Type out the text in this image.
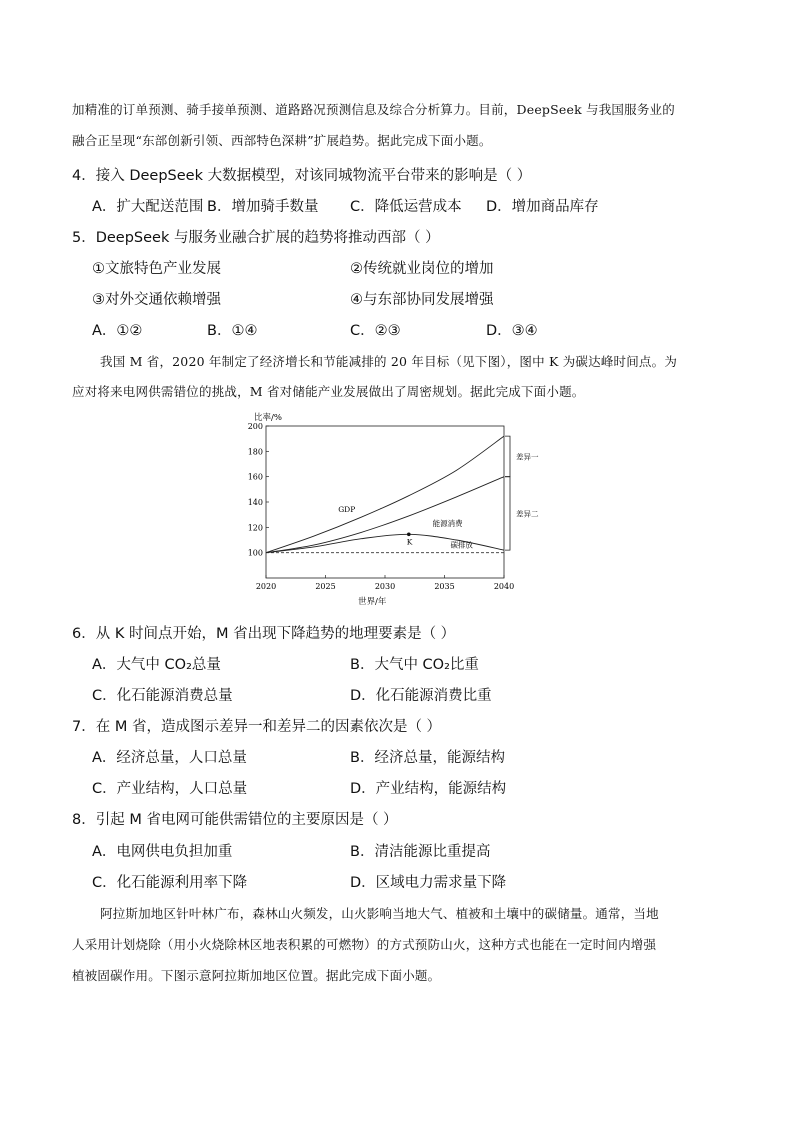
加精准的订单预测、骑手接单预测、道路路况预测信息及综合分析算力。目前，DeepSeek 与我国服务业的
融合正呈现“东部创新引领、西部特色深耕”扩展趋势。据此完成下面小题。
4．接入 DeepSeek 大数据模型，对该同城物流平台带来的影响是（ ）
A．扩大配送范围 B．增加骑手数量 C．降低运营成本 D．增加商品库存
5．DeepSeek 与服务业融合扩展的趋势将推动西部（ ）
①文旅特色产业发展	②传统就业岗位的增加
③对外交通依赖增强	④与东部协同发展增强
A．①②	B．①④	C．②③	D．③④
我国 M 省，2020 年制定了经济增长和节能减排的 20 年目标（见下图），图中 K 为碳达峰时间点。为
应对将来电网供需错位的挑战，M 省对储能产业发展做出了周密规划。据此完成下面小题。
比率/%
世界/年
100
120
140
160
180
200
2020	2025	2030	2035	2040
GDP
能源消费
碳排放
K
差异一
差异二
6．从 K 时间点开始，M 省出现下降趋势的地理要素是（ ）
A．大气中 CO₂总量	B．大气中 CO₂比重
C．化石能源消费总量	D．化石能源消费比重
7．在 M 省，造成图示差异一和差异二的因素依次是（ ）
A．经济总量，人口总量	B．经济总量，能源结构
C．产业结构，人口总量	D．产业结构，能源结构
8．引起 M 省电网可能供需错位的主要原因是（ ）
A．电网供电负担加重	B．清洁能源比重提高
C．化石能源利用率下降	D．区域电力需求量下降
阿拉斯加地区针叶林广布，森林山火频发，山火影响当地大气、植被和土壤中的碳储量。通常，当地
人采用计划烧除（用小火烧除林区地表积累的可燃物）的方式预防山火，这种方式也能在一定时间内增强
植被固碳作用。下图示意阿拉斯加地区位置。据此完成下面小题。
